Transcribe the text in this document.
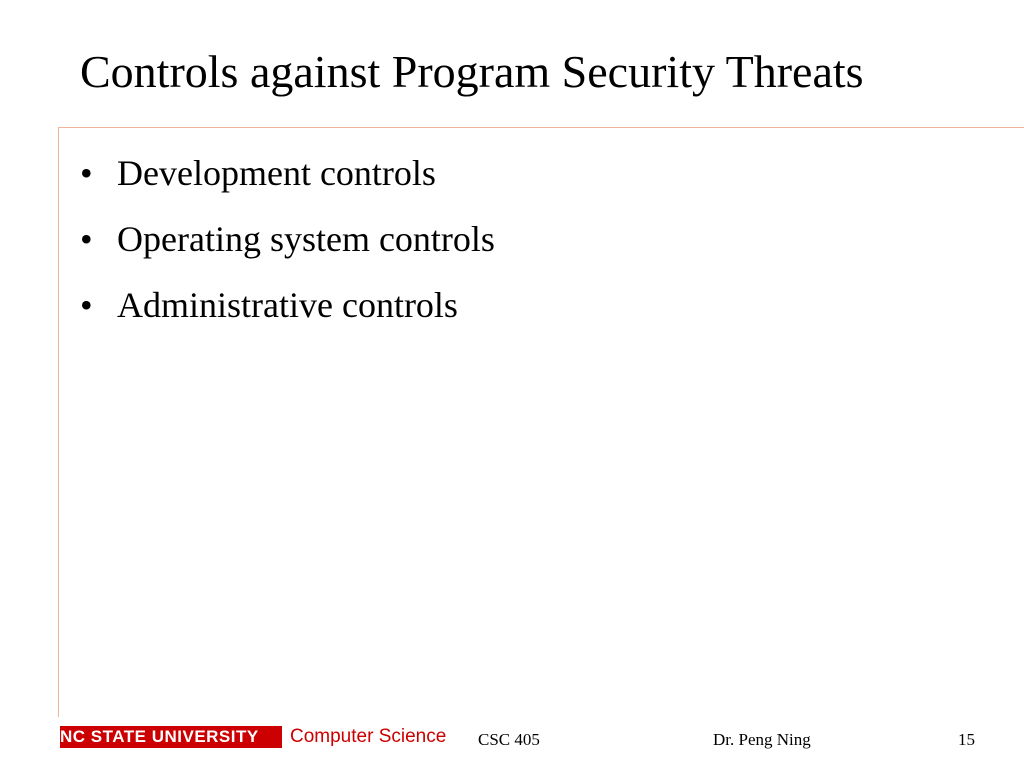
Controls against Program Security Threats
• Development controls
• Operating system controls
• Administrative controls
NC STATE UNIVERSITY	Computer Science CSC 405	Dr. Peng Ning	15
